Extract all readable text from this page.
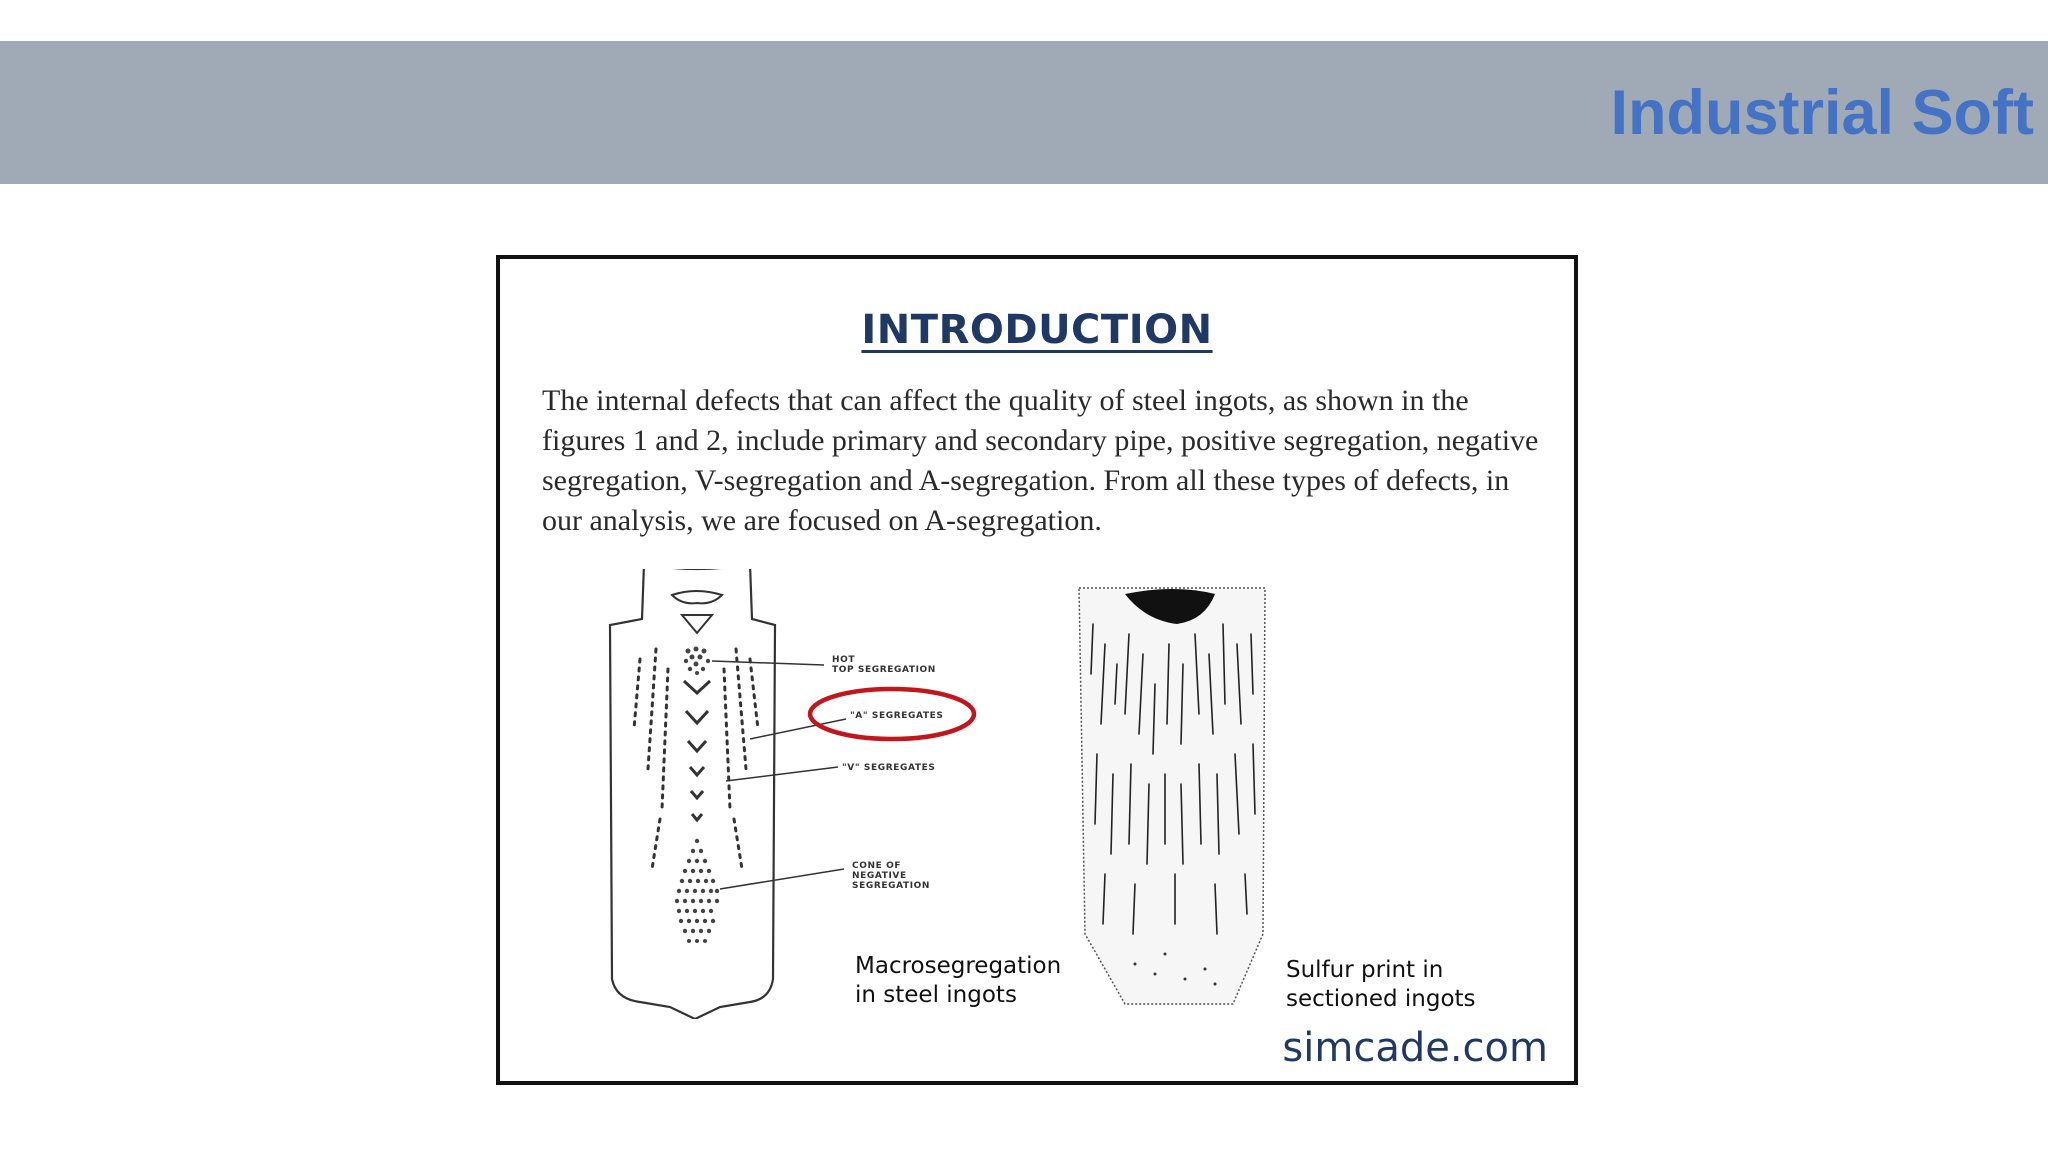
Industrial Soft
INTRODUCTION

The internal defects that can affect the quality of steel ingots, as shown in the figures 1 and 2, include primary and secondary pipe, positive segregation, negative segregation, V-segregation and A-segregation. From all these types of defects, in our analysis, we are focused on A-segregation.

HOT
TOP SEGREGATION
"A" SEGREGATES
"V" SEGREGATES
CONE OF
NEGATIVE
SEGREGATION
Macrosegregation
in steel ingots
Sulfur print in
sectioned ingots
simcade.com
